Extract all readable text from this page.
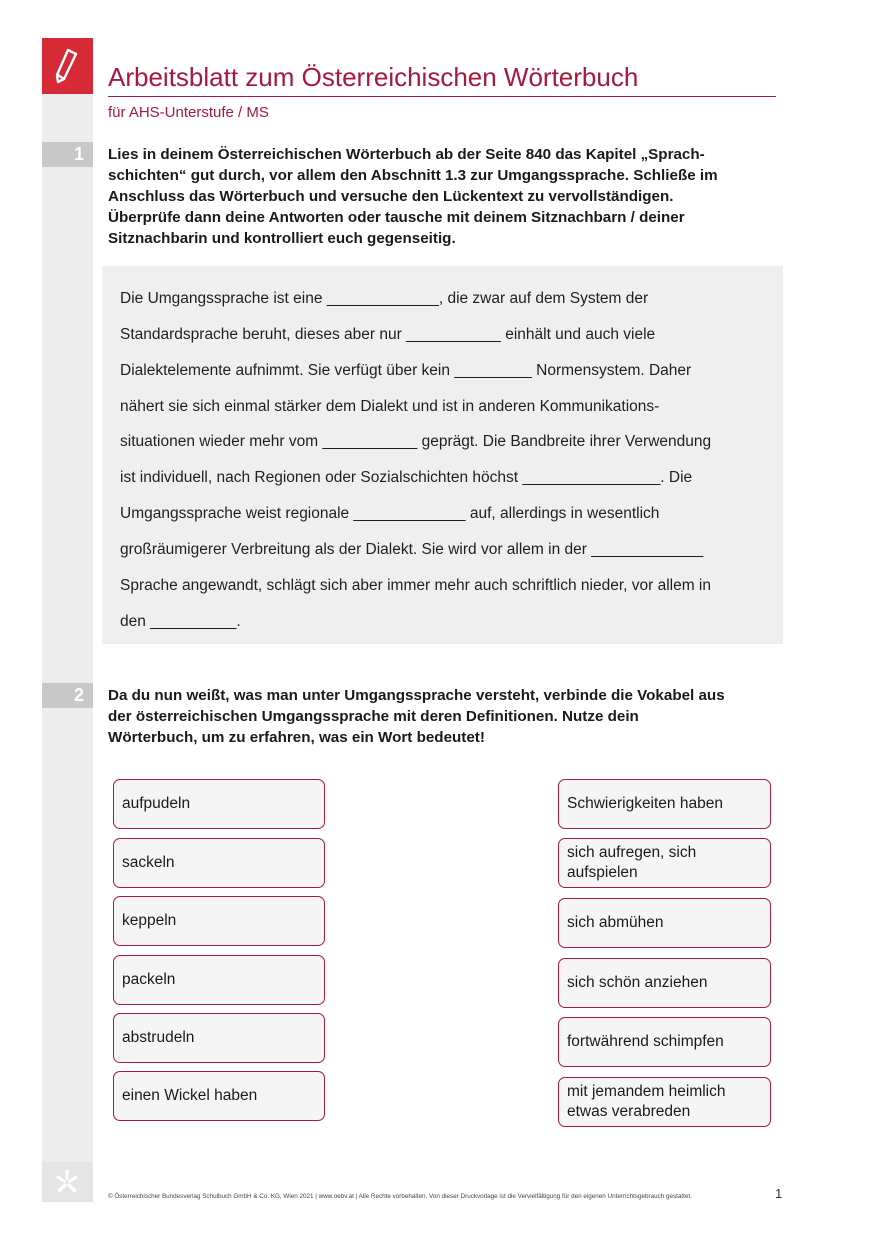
Arbeitsblatt zum Österreichischen Wörterbuch
für AHS-Unterstufe / MS
1 Lies in deinem Österreichischen Wörterbuch ab der Seite 840 das Kapitel „Sprach-
schichten“ gut durch, vor allem den Abschnitt 1.3 zur Umgangssprache. Schließe im
Anschluss das Wörterbuch und versuche den Lückentext zu vervollständigen.
Überprüfe dann deine Antworten oder tausche mit deinem Sitznachbarn / deiner
Sitznachbarin und kontrolliert euch gegenseitig.
Die Umgangssprache ist eine _____________, die zwar auf dem System der
Standardsprache beruht, dieses aber nur ___________ einhält und auch viele
Dialektelemente aufnimmt. Sie verfügt über kein _________ Normensystem. Daher
nähert sie sich einmal stärker dem Dialekt und ist in anderen Kommunikations-
situationen wieder mehr vom ___________ geprägt. Die Bandbreite ihrer Verwendung
ist individuell, nach Regionen oder Sozialschichten höchst ________________. Die
Umgangssprache weist regionale _____________ auf, allerdings in wesentlich
großräumigerer Verbreitung als der Dialekt. Sie wird vor allem in der _____________
Sprache angewandt, schlägt sich aber immer mehr auch schriftlich nieder, vor allem in
den __________.
2 Da du nun weißt, was man unter Umgangssprache versteht, verbinde die Vokabel aus
der österreichischen Umgangssprache mit deren Definitionen. Nutze dein
Wörterbuch, um zu erfahren, was ein Wort bedeutet!
aufpudeln
sackeln
keppeln
packeln
abstrudeln
einen Wickel haben
Schwierigkeiten haben
sich aufregen, sich aufspielen
sich abmühen
sich schön anziehen
fortwährend schimpfen
mit jemandem heimlich etwas verabreden
© Österreichischer Bundesverlag Schulbuch GmbH & Co. KG, Wien 2021 | www.oebv.at | Alle Rechte vorbehalten. Von dieser Druckvorlage ist die Vervielfältigung für den eigenen Unterrichtsgebrauch gestattet.	1
